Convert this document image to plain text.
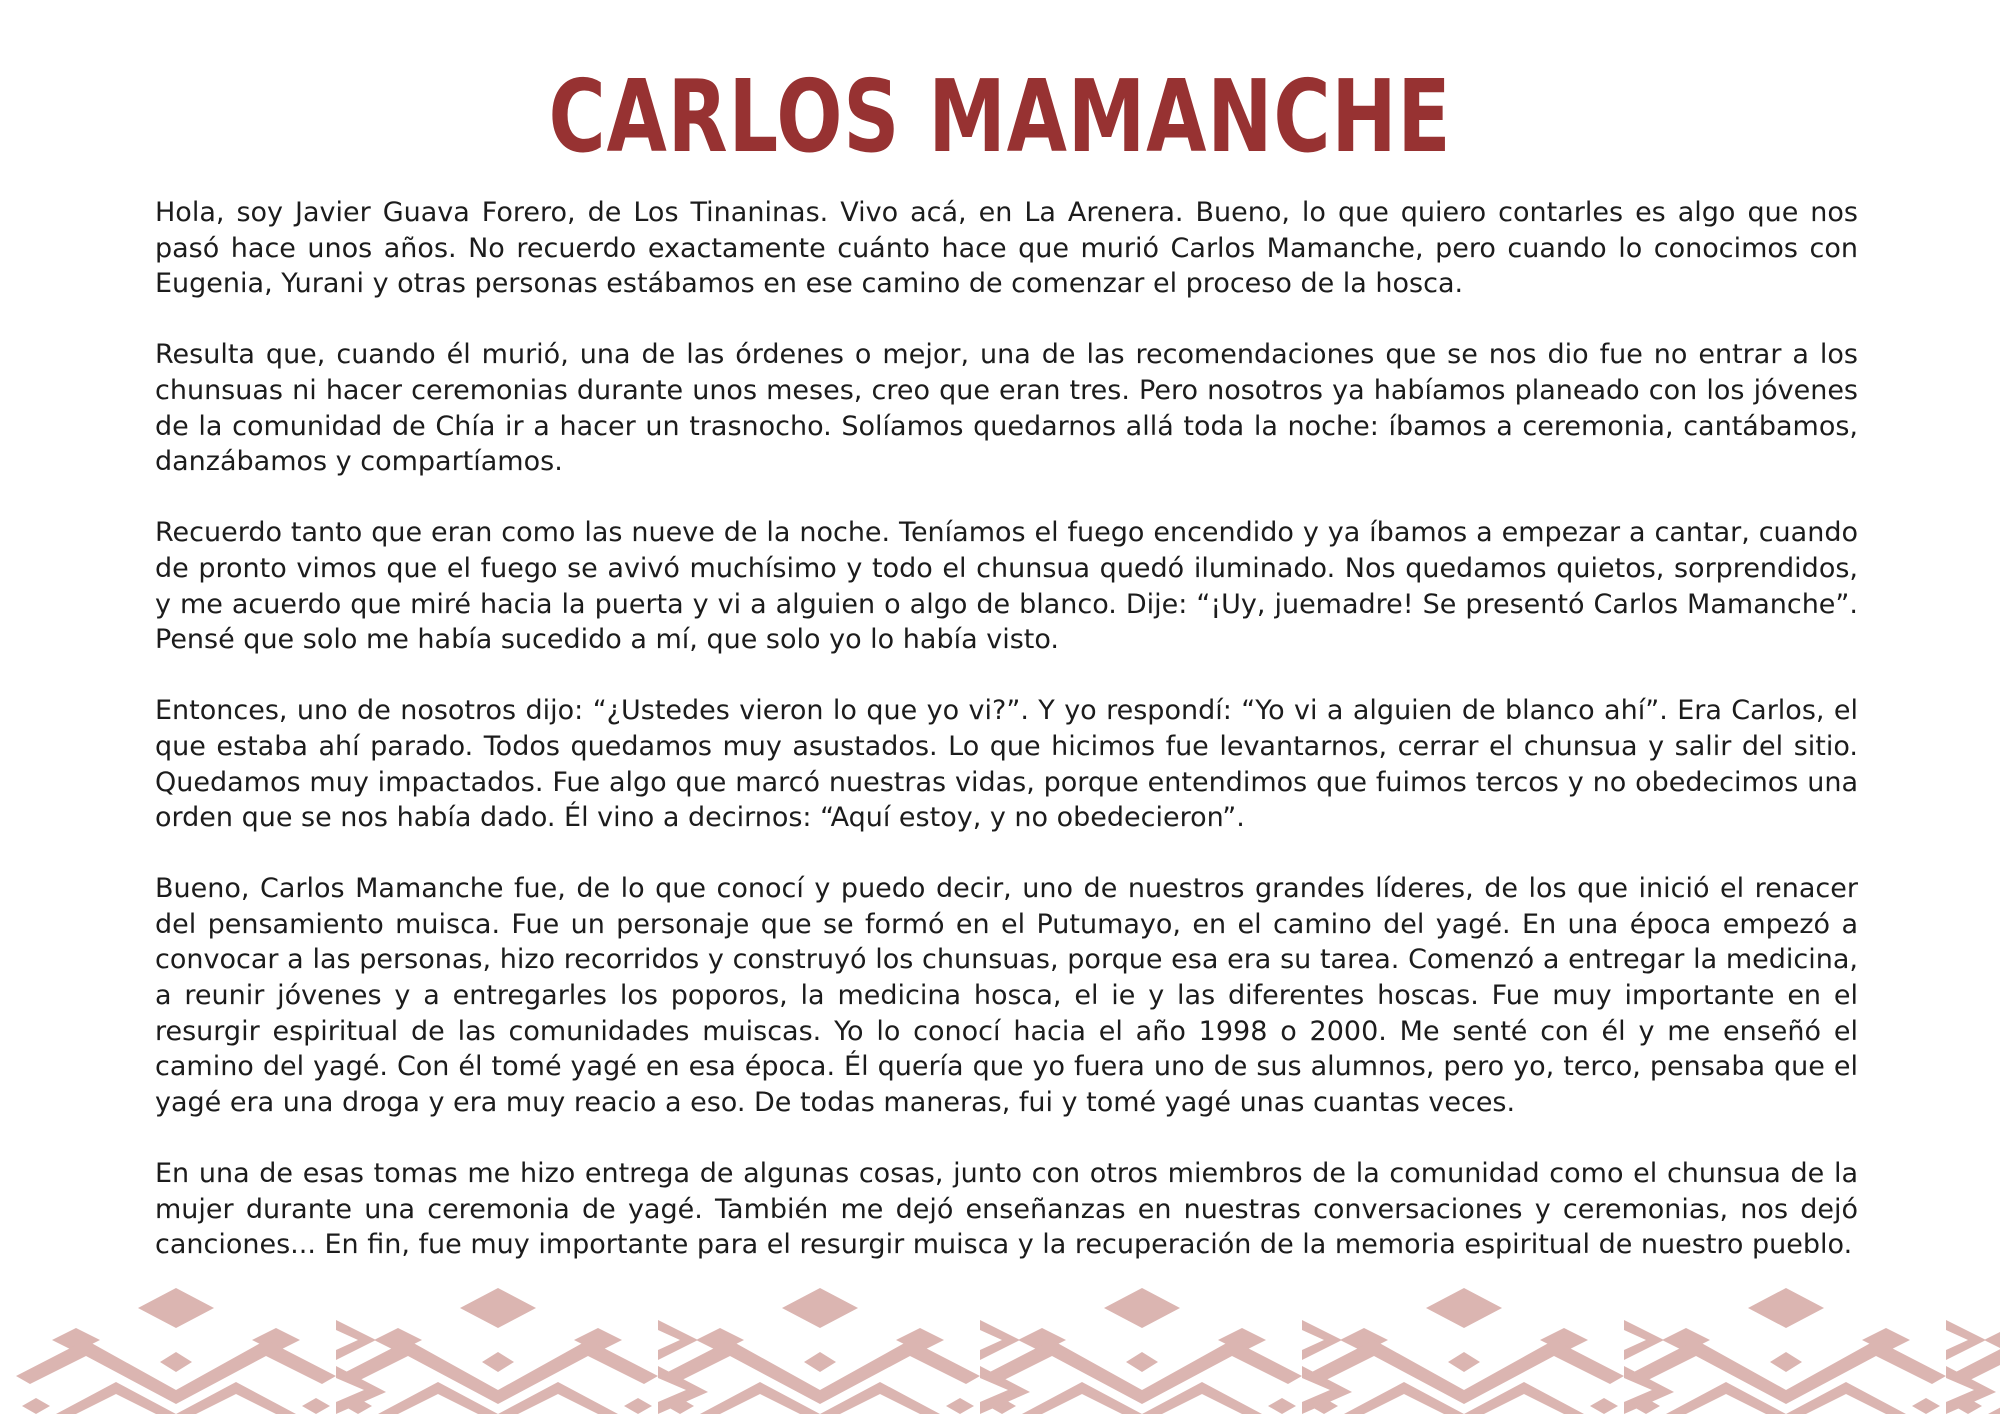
CARLOS MAMANCHE

Hola, soy Javier Guava Forero, de Los Tinaninas. Vivo acá, en La Arenera. Bueno, lo que quiero contarles es algo que nos pasó hace unos años. No recuerdo exactamente cuánto hace que murió Carlos Mamanche, pero cuando lo conocimos con Eugenia, Yurani y otras personas estábamos en ese camino de comenzar el proceso de la hosca.

Resulta que, cuando él murió, una de las órdenes o mejor, una de las recomendaciones que se nos dio fue no entrar a los chunsuas ni hacer ceremonias durante unos meses, creo que eran tres. Pero nosotros ya habíamos planeado con los jóvenes de la comunidad de Chía ir a hacer un trasnocho. Solíamos quedarnos allá toda la noche: íbamos a ceremonia, cantábamos, danzábamos y compartíamos.

Recuerdo tanto que eran como las nueve de la noche. Teníamos el fuego encendido y ya íbamos a empezar a cantar, cuando de pronto vimos que el fuego se avivó muchísimo y todo el chunsua quedó iluminado. Nos quedamos quietos, sorprendidos, y me acuerdo que miré hacia la puerta y vi a alguien o algo de blanco. Dije: “¡Uy, juemadre! Se presentó Carlos Mamanche”. Pensé que solo me había sucedido a mí, que solo yo lo había visto.

Entonces, uno de nosotros dijo: “¿Ustedes vieron lo que yo vi?”. Y yo respondí: “Yo vi a alguien de blanco ahí”. Era Carlos, el que estaba ahí parado. Todos quedamos muy asustados. Lo que hicimos fue levantarnos, cerrar el chunsua y salir del sitio. Quedamos muy impactados. Fue algo que marcó nuestras vidas, porque entendimos que fuimos tercos y no obedecimos una orden que se nos había dado. Él vino a decirnos: “Aquí estoy, y no obedecieron”.

Bueno, Carlos Mamanche fue, de lo que conocí y puedo decir, uno de nuestros grandes líderes, de los que inició el renacer del pensamiento muisca. Fue un personaje que se formó en el Putumayo, en el camino del yagé. En una época empezó a convocar a las personas, hizo recorridos y construyó los chunsuas, porque esa era su tarea. Comenzó a entregar la medicina, a reunir jóvenes y a entregarles los poporos, la medicina hosca, el ie y las diferentes hoscas. Fue muy importante en el resurgir espiritual de las comunidades muiscas. Yo lo conocí hacia el año 1998 o 2000. Me senté con él y me enseñó el camino del yagé. Con él tomé yagé en esa época. Él quería que yo fuera uno de sus alumnos, pero yo, terco, pensaba que el yagé era una droga y era muy reacio a eso. De todas maneras, fui y tomé yagé unas cuantas veces.

En una de esas tomas me hizo entrega de algunas cosas, junto con otros miembros de la comunidad como el chunsua de la mujer durante una ceremonia de yagé. También me dejó enseñanzas en nuestras conversaciones y ceremonias, nos dejó canciones... En fin, fue muy importante para el resurgir muisca y la recuperación de la memoria espiritual de nuestro pueblo.
